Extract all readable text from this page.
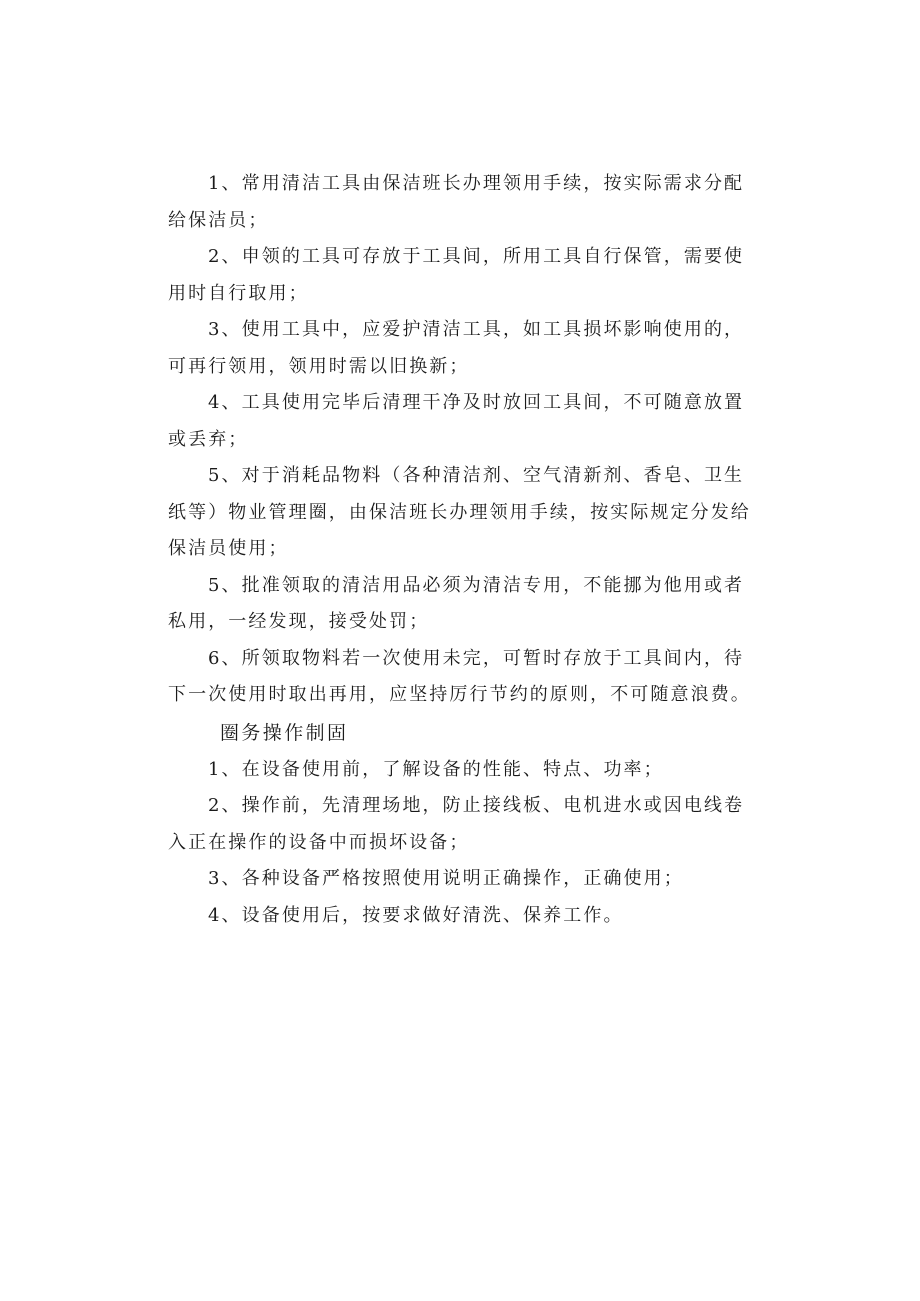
1、常用清洁工具由保洁班长办理领用手续，按实际需求分配给保洁员；

2、申领的工具可存放于工具间，所用工具自行保管，需要使用时自行取用；

3、使用工具中，应爱护清洁工具，如工具损坏影响使用的，可再行领用，领用时需以旧换新；

4、工具使用完毕后清理干净及时放回工具间，不可随意放置或丢弃；

5、对于消耗品物料（各种清洁剂、空气清新剂、香皂、卫生纸等）物业管理圈，由保洁班长办理领用手续，按实际规定分发给保洁员使用；

5、批准领取的清洁用品必须为清洁专用，不能挪为他用或者私用，一经发现，接受处罚；

6、所领取物料若一次使用未完，可暂时存放于工具间内，待下一次使用时取出再用，应坚持厉行节约的原则，不可随意浪费。

圈务操作制固

1、在设备使用前，了解设备的性能、特点、功率；

2、操作前，先清理场地，防止接线板、电机进水或因电线卷入正在操作的设备中而损坏设备；

3、各种设备严格按照使用说明正确操作，正确使用；

4、设备使用后，按要求做好清洗、保养工作。
